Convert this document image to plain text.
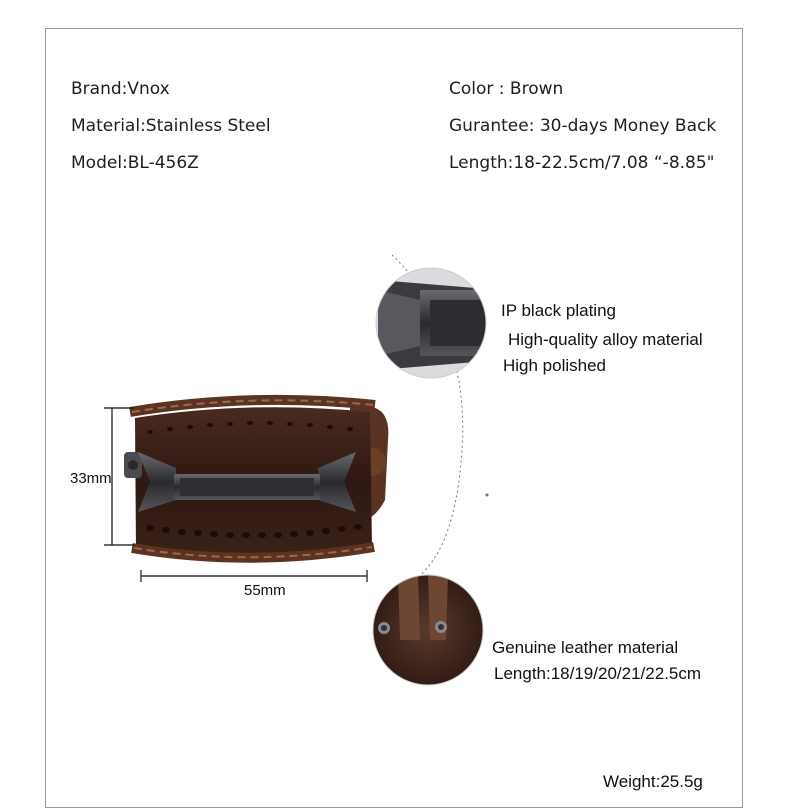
Brand:Vnox
Material:Stainless Steel
Model:BL-456Z
Color : Brown
Gurantee: 30-days Money Back
Length:18-22.5cm/7.08 “-8.85"
33mm
55mm
IP black plating
High-quality alloy material
High polished
Genuine leather material
Length:18/19/20/21/22.5cm
Weight:25.5g
